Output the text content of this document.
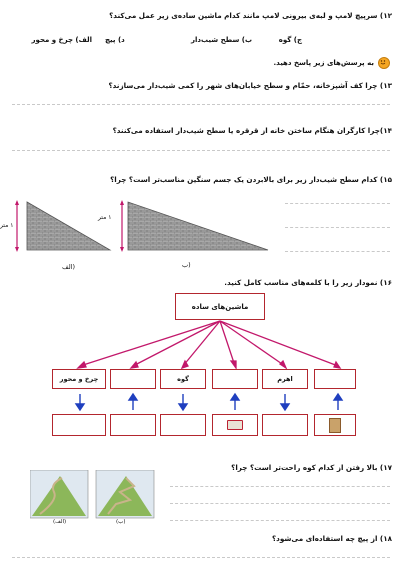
۱۲) سرپیچ لامپ و لبه‌ی بیرونی لامپ مانند کدام ماشین ساده‌ی زیر عمل می‌کند؟
الف) چرخ و محور	ب) سطح شیب‌دار	ج) گوه
د) پیچ
به پرسش‌های زیر پاسخ دهید.
۱۳) چرا کف آشپزخانه، حمّام و سطح خیابان‌های شهر را کمی شیب‌دار می‌سازند؟
۱۴)چرا کارگران هنگام ساختن خانه از قرقره یا سطح شیب‌دار استفاده می‌کنند؟
۱۵) کدام سطح شیب‌دار زیر برای بالابردن یک جسم سنگین مناسب‌تر است؟ چرا؟
۱ متر
۱ متر
(الف	(ب
۱۶) نمودار زیر را با کلمه‌های مناسب کامل کنید.
ماشین‌های ساده
چرخ و محور	گوه	اهرم
۱۷) بالا رفتن از کدام کوه راحت‌تر است؟ چرا؟
(الف)	(ب)
۱۸) از پیچ چه استفاده‌ای می‌شود؟
